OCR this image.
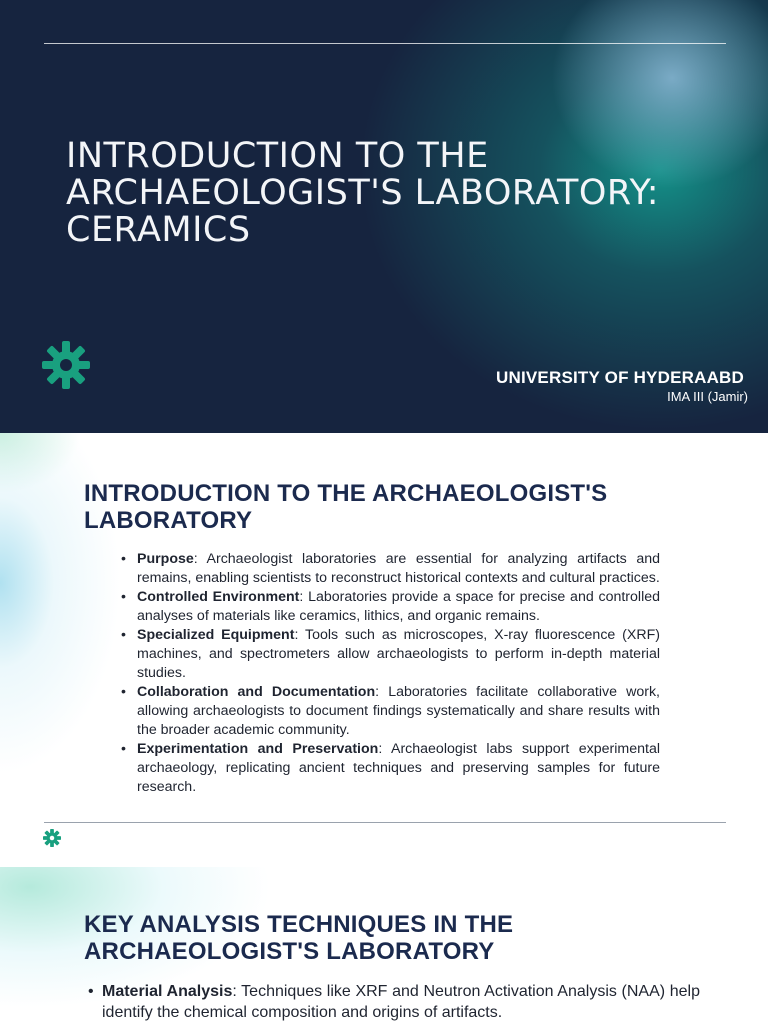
INTRODUCTION TO THE
ARCHAEOLOGIST'S LABORATORY:
CERAMICS
UNIVERSITY OF HYDERAABD
IMA III (Jamir)
INTRODUCTION TO THE ARCHAEOLOGIST'S
LABORATORY
• Purpose: Archaeologist laboratories are essential for analyzing artifacts and remains, enabling scientists to reconstruct historical contexts and cultural practices.
• Controlled Environment: Laboratories provide a space for precise and controlled analyses of materials like ceramics, lithics, and organic remains.
• Specialized Equipment: Tools such as microscopes, X-ray fluorescence (XRF) machines, and spectrometers allow archaeologists to perform in-depth material studies.
• Collaboration and Documentation: Laboratories facilitate collaborative work, allowing archaeologists to document findings systematically and share results with the broader academic community.
• Experimentation and Preservation: Archaeologist labs support experimental archaeology, replicating ancient techniques and preserving samples for future research.
KEY ANALYSIS TECHNIQUES IN THE
ARCHAEOLOGIST'S LABORATORY
• Material Analysis: Techniques like XRF and Neutron Activation Analysis (NAA) help identify the chemical composition and origins of artifacts.
